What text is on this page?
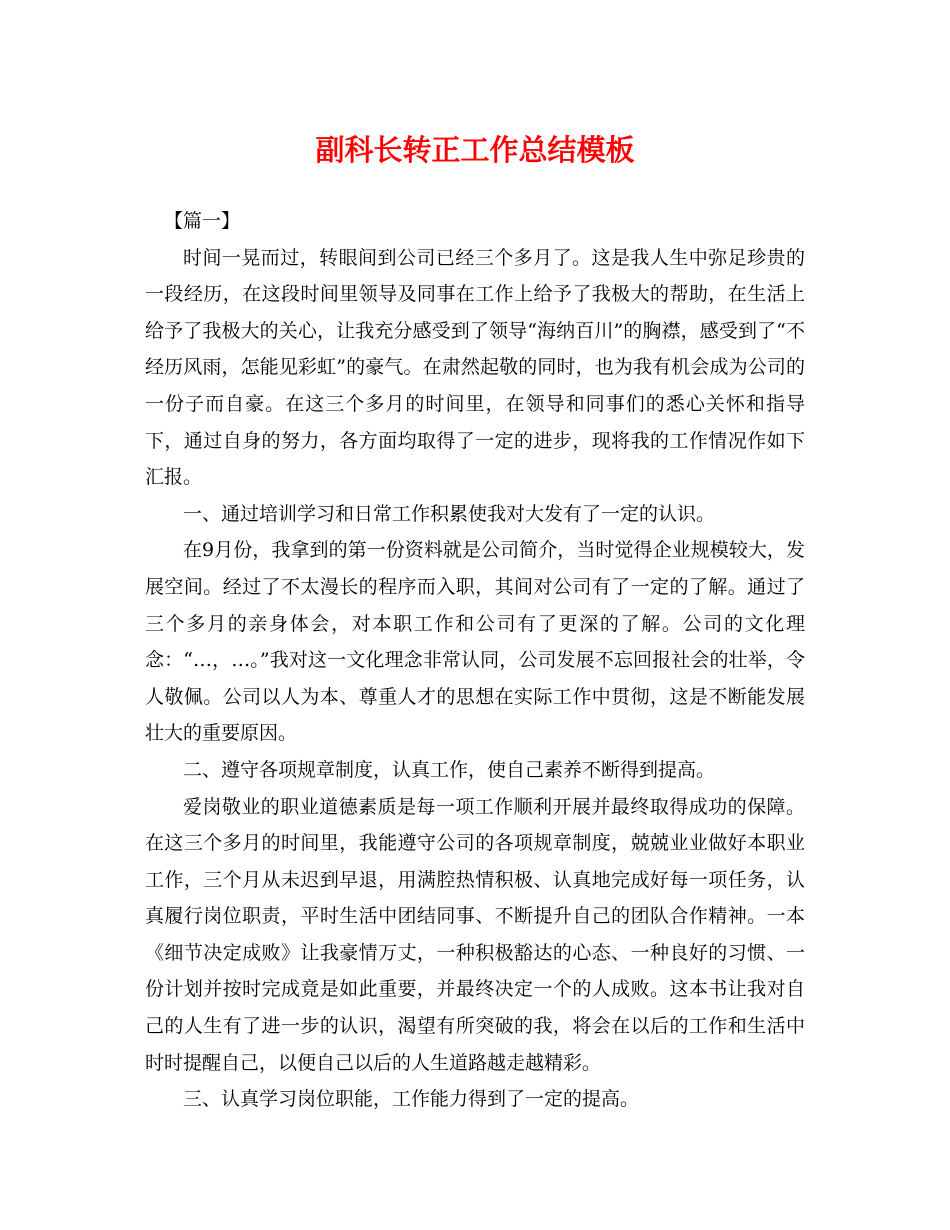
副科长转正工作总结模板

【篇一】

时间一晃而过，转眼间到公司已经三个多月了。这是我人生中弥足珍贵的一段经历，在这段时间里领导及同事在工作上给予了我极大的帮助，在生活上给予了我极大的关心，让我充分感受到了领导“海纳百川”的胸襟，感受到了“不经历风雨，怎能见彩虹”的豪气。在肃然起敬的同时，也为我有机会成为公司的一份子而自豪。在这三个多月的时间里，在领导和同事们的悉心关怀和指导下，通过自身的努力，各方面均取得了一定的进步，现将我的工作情况作如下汇报。

一、通过培训学习和日常工作积累使我对大发有了一定的认识。

在9月份，我拿到的第一份资料就是公司简介，当时觉得企业规模较大，发展空间。经过了不太漫长的程序而入职，其间对公司有了一定的了解。通过了三个多月的亲身体会，对本职工作和公司有了更深的了解。公司的文化理念：“…，…。”我对这一文化理念非常认同，公司发展不忘回报社会的壮举，令人敬佩。公司以人为本、尊重人才的思想在实际工作中贯彻，这是不断能发展壮大的重要原因。

二、遵守各项规章制度，认真工作，使自己素养不断得到提高。

爱岗敬业的职业道德素质是每一项工作顺利开展并最终取得成功的保障。在这三个多月的时间里，我能遵守公司的各项规章制度，兢兢业业做好本职业工作，三个月从未迟到早退，用满腔热情积极、认真地完成好每一项任务，认真履行岗位职责，平时生活中团结同事、不断提升自己的团队合作精神。一本《细节决定成败》让我豪情万丈，一种积极豁达的心态、一种良好的习惯、一份计划并按时完成竟是如此重要，并最终决定一个的人成败。这本书让我对自己的人生有了进一步的认识，渴望有所突破的我，将会在以后的工作和生活中时时提醒自己，以便自己以后的人生道路越走越精彩。

三、认真学习岗位职能，工作能力得到了一定的提高。
